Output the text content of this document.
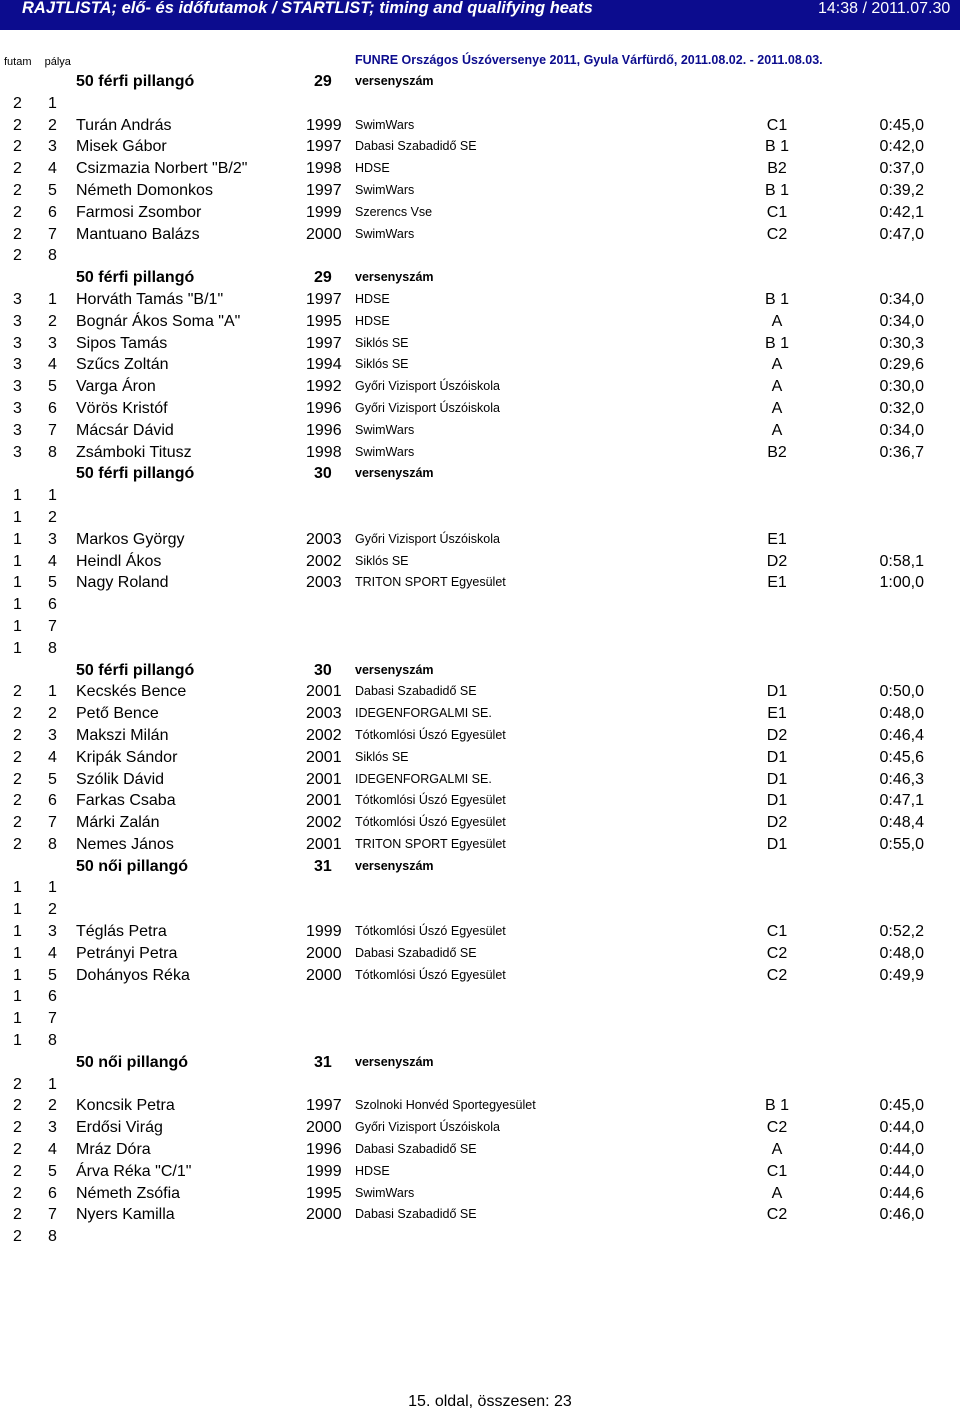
RAJTLISTA; elő- és időfutamok / STARTLIST; timing and qualifying heats	14:38 / 2011.07.30
futam pálya	FUNRE Országos Úszóversenye 2011, Gyula Várfürdő, 2011.08.02. - 2011.08.03.
50 férfi pillangó	29 versenyszám
2 1
2 2 Turán András	1999 SwimWars	C1	0:45,0
2 3 Misek Gábor	1997 Dabasi Szabadidő SE	B 1	0:42,0
2 4 Csizmazia Norbert "B/2"	1998 HDSE	B2	0:37,0
2 5 Németh Domonkos	1997 SwimWars	B 1	0:39,2
2 6 Farmosi Zsombor	1999 Szerencs Vse	C1	0:42,1
2 7 Mantuano Balázs	2000 SwimWars	C2	0:47,0
2 8
50 férfi pillangó	29 versenyszám
3 1 Horváth Tamás "B/1"	1997 HDSE	B 1	0:34,0
3 2 Bognár Ákos Soma "A"	1995 HDSE	A	0:34,0
3 3 Sipos Tamás	1997 Siklós SE	B 1	0:30,3
3 4 Szűcs Zoltán	1994 Siklós SE	A	0:29,6
3 5 Varga Áron	1992 Győri Vizisport Úszóiskola	A	0:30,0
3 6 Vörös Kristóf	1996 Győri Vizisport Úszóiskola	A	0:32,0
3 7 Mácsár Dávid	1996 SwimWars	A	0:34,0
3 8 Zsámboki Titusz	1998 SwimWars	B2	0:36,7
50 férfi pillangó	30 versenyszám
1 1
1 2
1 3 Markos György	2003 Győri Vizisport Úszóiskola	E1
1 4 Heindl Ákos	2002 Siklós SE	D2	0:58,1
1 5 Nagy Roland	2003 TRITON SPORT Egyesület	E1	1:00,0
1 6
1 7
1 8
50 férfi pillangó	30 versenyszám
2 1 Kecskés Bence	2001 Dabasi Szabadidő SE	D1	0:50,0
2 2 Pető Bence	2003 IDEGENFORGALMI SE.	E1	0:48,0
2 3 Makszi Milán	2002 Tótkomlósi Úszó Egyesület	D2	0:46,4
2 4 Kripák Sándor	2001 Siklós SE	D1	0:45,6
2 5 Szólik Dávid	2001 IDEGENFORGALMI SE.	D1	0:46,3
2 6 Farkas Csaba	2001 Tótkomlósi Úszó Egyesület	D1	0:47,1
2 7 Márki Zalán	2002 Tótkomlósi Úszó Egyesület	D2	0:48,4
2 8 Nemes János	2001 TRITON SPORT Egyesület	D1	0:55,0
50 női pillangó	31 versenyszám
1 1
1 2
1 3 Téglás Petra	1999 Tótkomlósi Úszó Egyesület	C1	0:52,2
1 4 Petrányi Petra	2000 Dabasi Szabadidő SE	C2	0:48,0
1 5 Dohányos Réka	2000 Tótkomlósi Úszó Egyesület	C2	0:49,9
1 6
1 7
1 8
50 női pillangó	31 versenyszám
2 1
2 2 Koncsik Petra	1997 Szolnoki Honvéd Sportegyesület	B 1	0:45,0
2 3 Erdősi Virág	2000 Győri Vizisport Úszóiskola	C2	0:44,0
2 4 Mráz Dóra	1996 Dabasi Szabadidő SE	A	0:44,0
2 5 Árva Réka "C/1"	1999 HDSE	C1	0:44,0
2 6 Németh Zsófia	1995 SwimWars	A	0:44,6
2 7 Nyers Kamilla	2000 Dabasi Szabadidő SE	C2	0:46,0
2 8
15. oldal, összesen: 23
